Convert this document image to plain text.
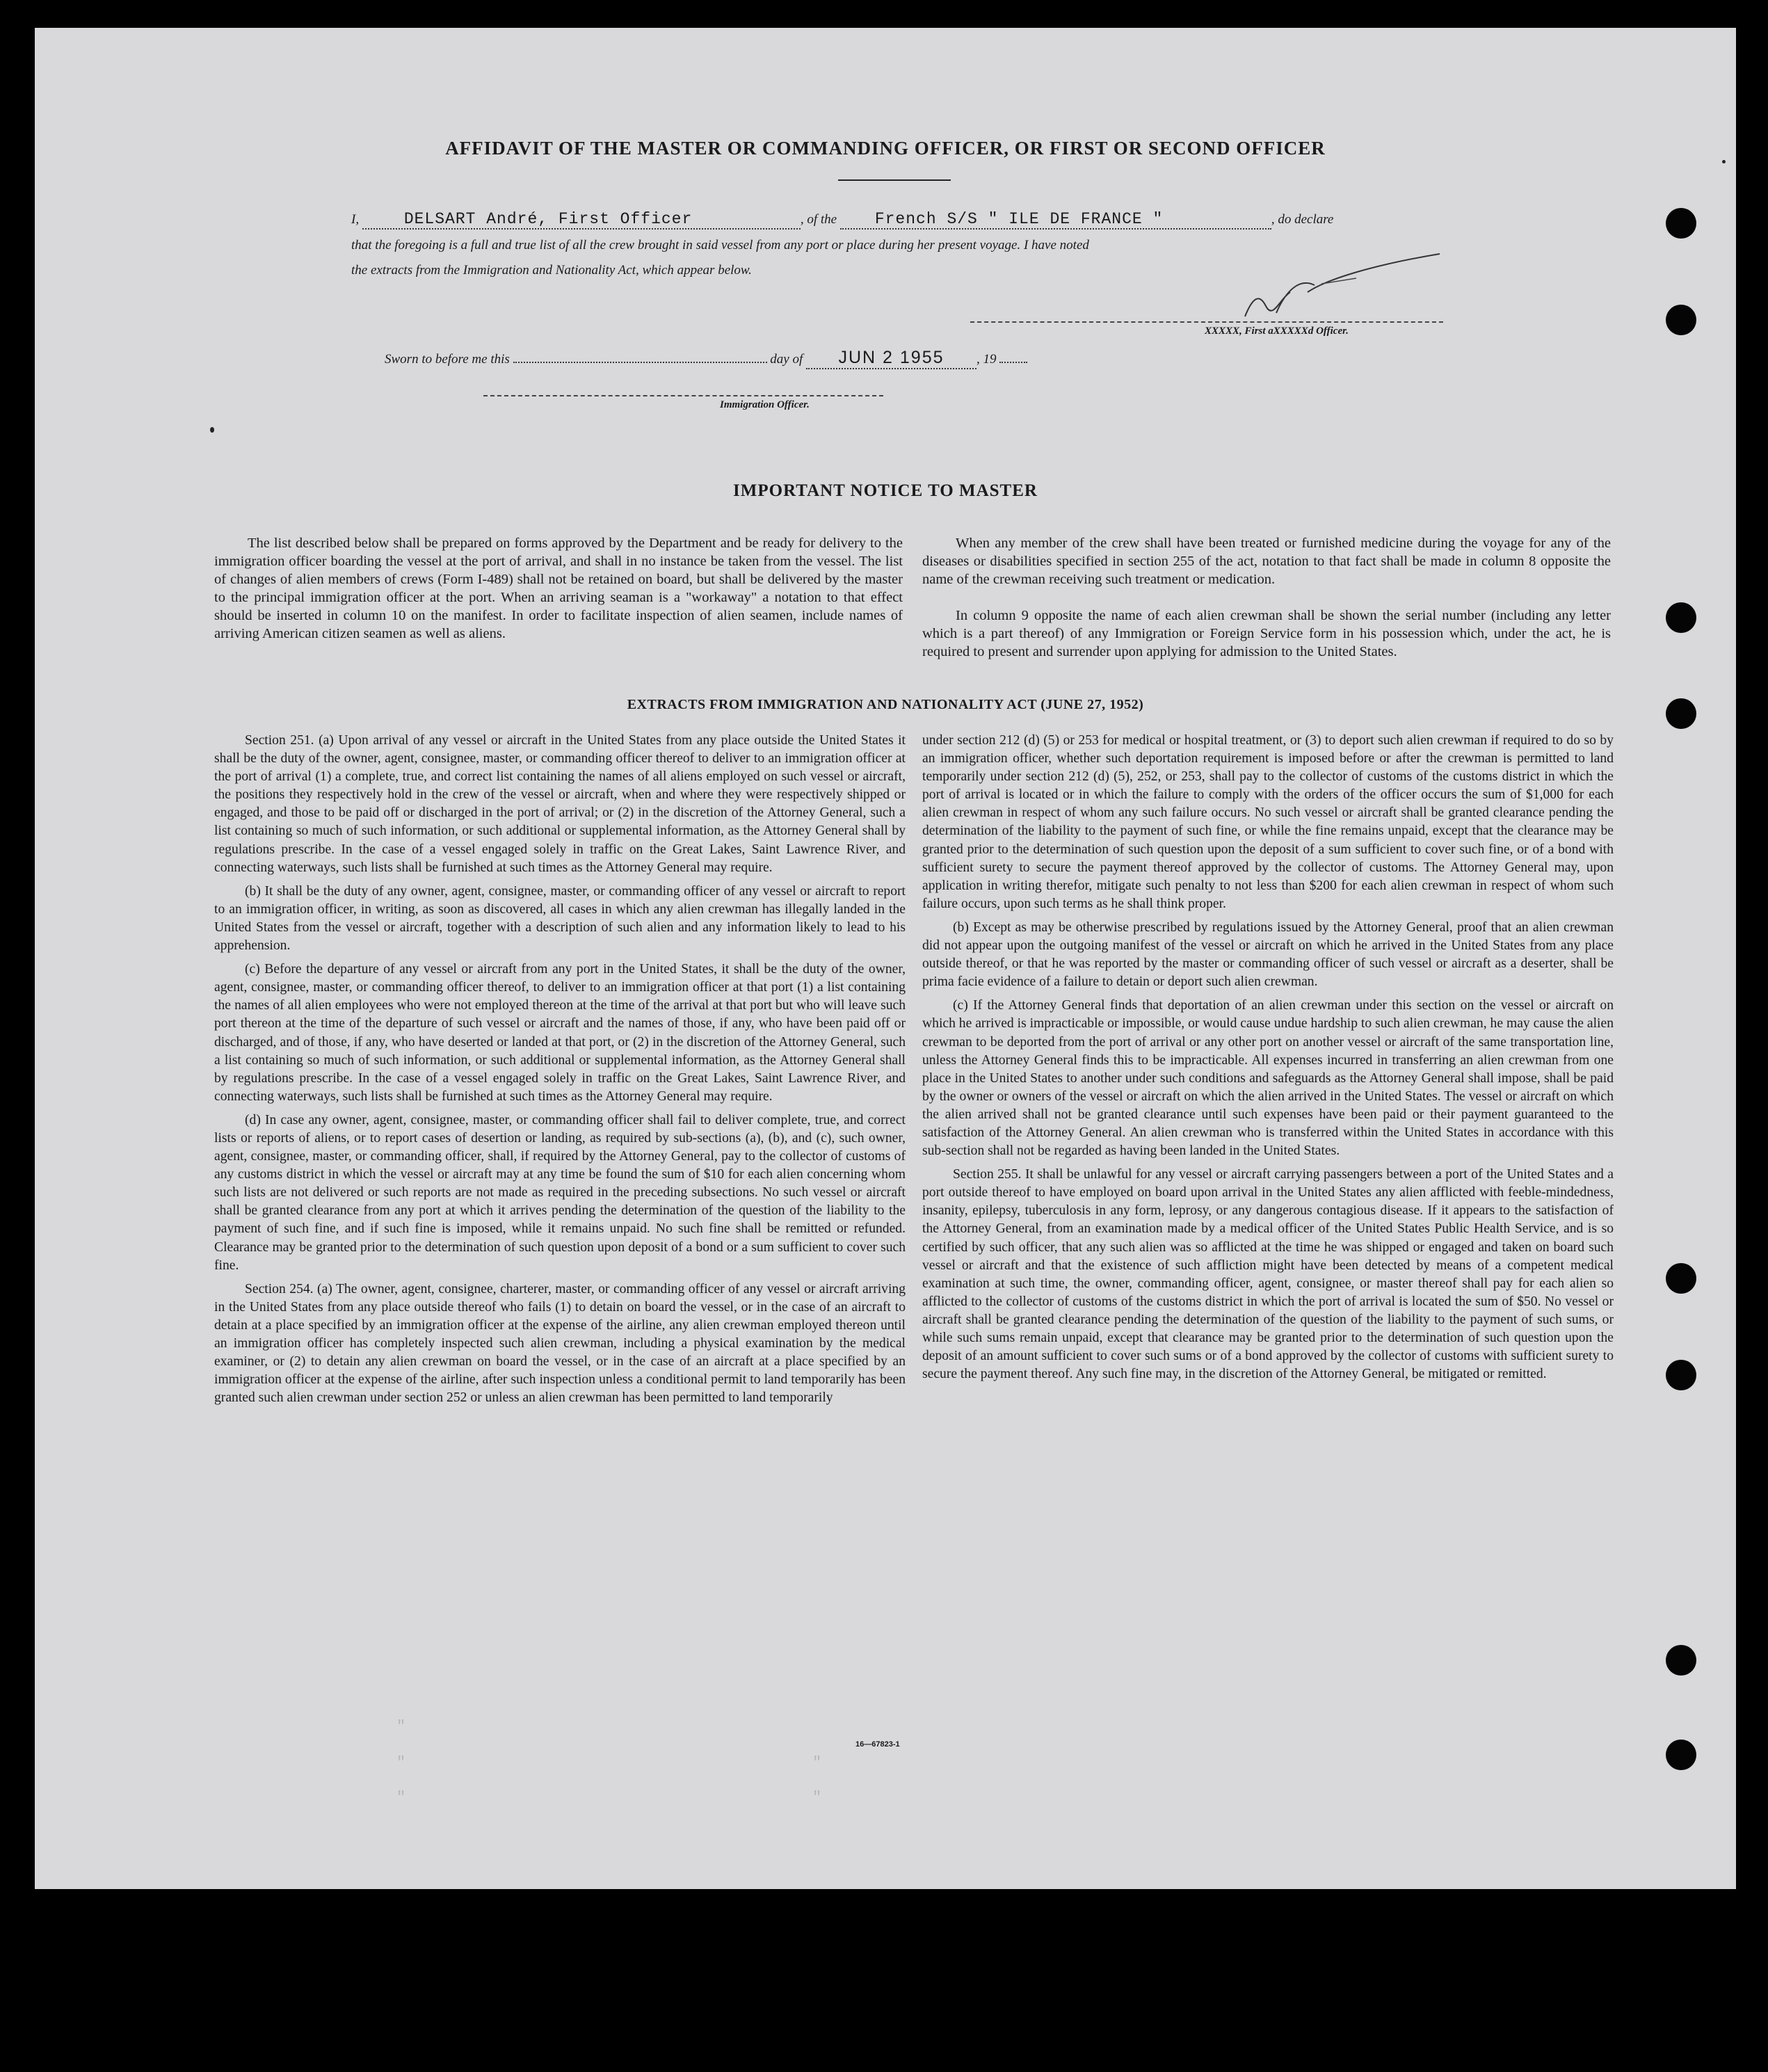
AFFIDAVIT OF THE MASTER OR COMMANDING OFFICER, OR FIRST OR SECOND OFFICER
I,	DELSART André, First Officer	, of the French S/S " ILE DE FRANCE "	, do declare
that the foregoing is a full and true list of all the crew brought in said vessel from any port or place during her present voyage. I have noted
the extracts from the Immigration and Nationality Act, which appear below.
XXXXX, First aXXXXXd Officer.
Sworn to before me this	day of JUN 2 1955 , 19
Immigration Officer.
IMPORTANT NOTICE TO MASTER

The list described below shall be prepared on forms approved by the Department and be ready for delivery to the immigration officer boarding the vessel at the port of arrival, and shall in no instance be taken from the vessel. The list of changes of alien members of crews (Form I-489) shall not be retained on board, but shall be delivered by the master to the principal immigration officer at the port. When an arriving seaman is a "workaway" a notation to that effect should be inserted in column 10 on the manifest. In order to facilitate inspection of alien seamen, include names of arriving American citizen seamen as well as aliens.

When any member of the crew shall have been treated or furnished medicine during the voyage for any of the diseases or disabilities specified in section 255 of the act, notation to that fact shall be made in column 8 opposite the name of the crewman receiving such treatment or medication.

In column 9 opposite the name of each alien crewman shall be shown the serial number (including any letter which is a part thereof) of any Immigration or Foreign Service form in his possession which, under the act, he is required to present and surrender upon applying for admission to the United States.

EXTRACTS FROM IMMIGRATION AND NATIONALITY ACT (JUNE 27, 1952)

Section 251. (a) Upon arrival of any vessel or aircraft in the United States from any place outside the United States it shall be the duty of the owner, agent, consignee, master, or commanding officer thereof to deliver to an immigration officer at the port of arrival (1) a complete, true, and correct list containing the names of all aliens employed on such vessel or aircraft, the positions they respectively hold in the crew of the vessel or aircraft, when and where they were respectively shipped or engaged, and those to be paid off or discharged in the port of arrival; or (2) in the discretion of the Attorney General, such a list containing so much of such information, or such additional or supplemental information, as the Attorney General shall by regulations prescribe. In the case of a vessel engaged solely in traffic on the Great Lakes, Saint Lawrence River, and connecting waterways, such lists shall be furnished at such times as the Attorney General may require.

(b) It shall be the duty of any owner, agent, consignee, master, or commanding officer of any vessel or aircraft to report to an immigration officer, in writing, as soon as discovered, all cases in which any alien crewman has illegally landed in the United States from the vessel or aircraft, together with a description of such alien and any information likely to lead to his apprehension.

(c) Before the departure of any vessel or aircraft from any port in the United States, it shall be the duty of the owner, agent, consignee, master, or commanding officer thereof, to deliver to an immigration officer at that port (1) a list containing the names of all alien employees who were not employed thereon at the time of the arrival at that port but who will leave such port thereon at the time of the departure of such vessel or aircraft and the names of those, if any, who have been paid off or discharged, and of those, if any, who have deserted or landed at that port, or (2) in the discretion of the Attorney General, such a list containing so much of such information, or such additional or supplemental information, as the Attorney General shall by regulations prescribe. In the case of a vessel engaged solely in traffic on the Great Lakes, Saint Lawrence River, and connecting waterways, such lists shall be furnished at such times as the Attorney General may require.

(d) In case any owner, agent, consignee, master, or commanding officer shall fail to deliver complete, true, and correct lists or reports of aliens, or to report cases of desertion or landing, as required by sub-sections (a), (b), and (c), such owner, agent, consignee, master, or commanding officer, shall, if required by the Attorney General, pay to the collector of customs of any customs district in which the vessel or aircraft may at any time be found the sum of $10 for each alien concerning whom such lists are not delivered or such reports are not made as required in the preceding subsections. No such vessel or aircraft shall be granted clearance from any port at which it arrives pending the determination of the question of the liability to the payment of such fine, and if such fine is imposed, while it remains unpaid. No such fine shall be remitted or refunded. Clearance may be granted prior to the determination of such question upon deposit of a bond or a sum sufficient to cover such fine.

Section 254. (a) The owner, agent, consignee, charterer, master, or commanding officer of any vessel or aircraft arriving in the United States from any place outside thereof who fails (1) to detain on board the vessel, or in the case of an aircraft to detain at a place specified by an immigration officer at the expense of the airline, any alien crewman employed thereon until an immigration officer has completely inspected such alien crewman, including a physical examination by the medical examiner, or (2) to detain any alien crewman on board the vessel, or in the case of an aircraft at a place specified by an immigration officer at the expense of the airline, after such inspection unless a conditional permit to land temporarily has been granted such alien crewman under section 252 or unless an alien crewman has been permitted to land temporarily

under section 212 (d) (5) or 253 for medical or hospital treatment, or (3) to deport such alien crewman if required to do so by an immigration officer, whether such deportation requirement is imposed before or after the crewman is permitted to land temporarily under section 212 (d) (5), 252, or 253, shall pay to the collector of customs of the customs district in which the port of arrival is located or in which the failure to comply with the orders of the officer occurs the sum of $1,000 for each alien crewman in respect of whom any such failure occurs. No such vessel or aircraft shall be granted clearance pending the determination of the liability to the payment of such fine, or while the fine remains unpaid, except that the clearance may be granted prior to the determination of such question upon the deposit of a sum sufficient to cover such fine, or of a bond with sufficient surety to secure the payment thereof approved by the collector of customs. The Attorney General may, upon application in writing therefor, mitigate such penalty to not less than $200 for each alien crewman in respect of whom such failure occurs, upon such terms as he shall think proper.

(b) Except as may be otherwise prescribed by regulations issued by the Attorney General, proof that an alien crewman did not appear upon the outgoing manifest of the vessel or aircraft on which he arrived in the United States from any place outside thereof, or that he was reported by the master or commanding officer of such vessel or aircraft as a deserter, shall be prima facie evidence of a failure to detain or deport such alien crewman.

(c) If the Attorney General finds that deportation of an alien crewman under this section on the vessel or aircraft on which he arrived is impracticable or impossible, or would cause undue hardship to such alien crewman, he may cause the alien crewman to be deported from the port of arrival or any other port on another vessel or aircraft of the same transportation line, unless the Attorney General finds this to be impracticable. All expenses incurred in transferring an alien crewman from one place in the United States to another under such conditions and safeguards as the Attorney General shall impose, shall be paid by the owner or owners of the vessel or aircraft on which the alien arrived in the United States. The vessel or aircraft on which the alien arrived shall not be granted clearance until such expenses have been paid or their payment guaranteed to the satisfaction of the Attorney General. An alien crewman who is transferred within the United States in accordance with this sub-section shall not be regarded as having been landed in the United States.

Section 255. It shall be unlawful for any vessel or aircraft carrying passengers between a port of the United States and a port outside thereof to have employed on board upon arrival in the United States any alien afflicted with feeble-mindedness, insanity, epilepsy, tuberculosis in any form, leprosy, or any dangerous contagious disease. If it appears to the satisfaction of the Attorney General, from an examination made by a medical officer of the United States Public Health Service, and is so certified by such officer, that any such alien was so afflicted at the time he was shipped or engaged and taken on board such vessel or aircraft and that the existence of such affliction might have been detected by means of a competent medical examination at such time, the owner, commanding officer, agent, consignee, or master thereof shall pay for each alien so afflicted to the collector of customs of the customs district in which the port of arrival is located the sum of $50. No vessel or aircraft shall be granted clearance pending the determination of the question of the liability to the payment of such sums, or while such sums remain unpaid, except that clearance may be granted prior to the determination of such question upon the deposit of an amount sufficient to cover such sums or of a bond approved by the collector of customs with sufficient surety to secure the payment thereof. Any such fine may, in the discretion of the Attorney General, be mitigated or remitted.

16—67823-1
"
"
"
"
"
